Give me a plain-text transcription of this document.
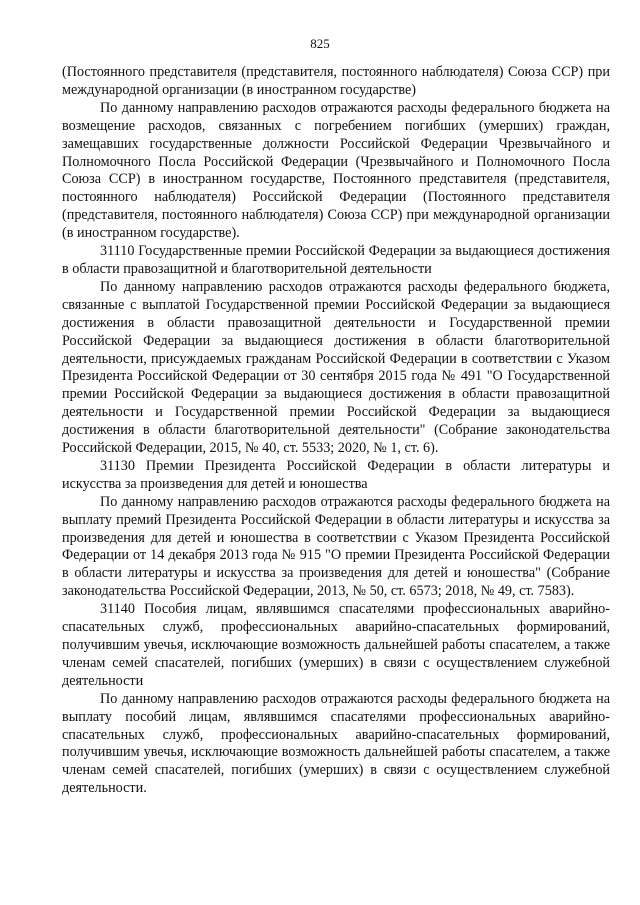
825

(Постоянного представителя (представителя, постоянного наблюдателя) Союза ССР) при международной организации (в иностранном государстве)

По данному направлению расходов отражаются расходы федерального бюджета на возмещение расходов, связанных с погребением погибших (умерших) граждан, замещавших государственные должности Российской Федерации Чрезвычайного и Полномочного Посла Российской Федерации (Чрезвычайного и Полномочного Посла Союза ССР) в иностранном государстве, Постоянного представителя (представителя, постоянного наблюдателя) Российской Федерации (Постоянного представителя (представителя, постоянного наблюдателя) Союза ССР) при международной организации (в иностранном государстве).

31110 Государственные премии Российской Федерации за выдающиеся достижения в области правозащитной и благотворительной деятельности

По данному направлению расходов отражаются расходы федерального бюджета, связанные с выплатой Государственной премии Российской Федерации за выдающиеся достижения в области правозащитной деятельности и Государственной премии Российской Федерации за выдающиеся достижения в области благотворительной деятельности, присуждаемых гражданам Российской Федерации в соответствии с Указом Президента Российской Федерации от 30 сентября 2015 года № 491 "О Государственной премии Российской Федерации за выдающиеся достижения в области правозащитной деятельности и Государственной премии Российской Федерации за выдающиеся достижения в области благотворительной деятельности" (Собрание законодательства Российской Федерации, 2015, № 40, ст. 5533; 2020, № 1, ст. 6).

31130 Премии Президента Российской Федерации в области литературы и искусства за произведения для детей и юношества

По данному направлению расходов отражаются расходы федерального бюджета на выплату премий Президента Российской Федерации в области литературы и искусства за произведения для детей и юношества в соответствии с Указом Президента Российской Федерации от 14 декабря 2013 года № 915 "О премии Президента Российской Федерации в области литературы и искусства за произведения для детей и юношества" (Собрание законодательства Российской Федерации, 2013, № 50, ст. 6573; 2018, № 49, ст. 7583).

31140 Пособия лицам, являвшимся спасателями профессиональных аварийно-спасательных служб, профессиональных аварийно-спасательных формирований, получившим увечья, исключающие возможность дальнейшей работы спасателем, а также членам семей спасателей, погибших (умерших) в связи с осуществлением служебной деятельности

По данному направлению расходов отражаются расходы федерального бюджета на выплату пособий лицам, являвшимся спасателями профессиональных аварийно-спасательных служб, профессиональных аварийно-спасательных формирований, получившим увечья, исключающие возможность дальнейшей работы спасателем, а также членам семей спасателей, погибших (умерших) в связи с осуществлением служебной деятельности.
